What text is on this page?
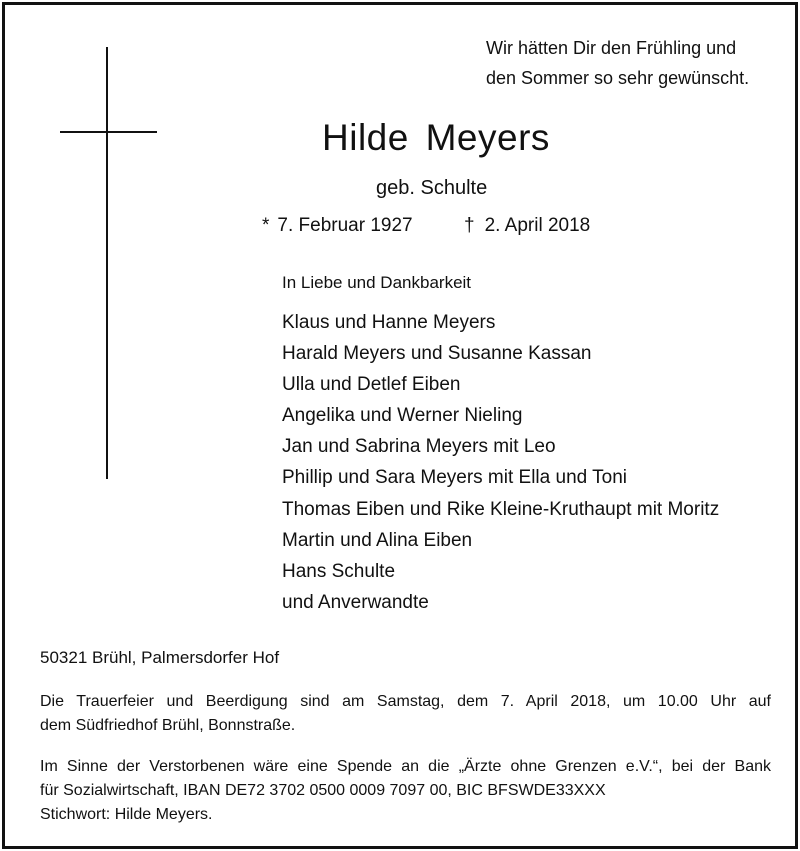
Wir hätten Dir den Frühling und
den Sommer so sehr gewünscht.
Hilde Meyers
geb. Schulte
* 7. Februar 1927	† 2. April 2018
In Liebe und Dankbarkeit
Klaus und Hanne Meyers
Harald Meyers und Susanne Kassan
Ulla und Detlef Eiben
Angelika und Werner Nieling
Jan und Sabrina Meyers mit Leo
Phillip und Sara Meyers mit Ella und Toni
Thomas Eiben und Rike Kleine-Kruthaupt mit Moritz
Martin und Alina Eiben
Hans Schulte
und Anverwandte
50321 Brühl, Palmersdorfer Hof
Die Trauerfeier und Beerdigung sind am Samstag, dem 7. April 2018, um 10.00 Uhr auf
dem Südfriedhof Brühl, Bonnstraße.
Im Sinne der Verstorbenen wäre eine Spende an die „Ärzte ohne Grenzen e.V.“, bei der Bank
für Sozialwirtschaft, IBAN DE72 3702 0500 0009 7097 00, BIC BFSWDE33XXX
Stichwort: Hilde Meyers.
